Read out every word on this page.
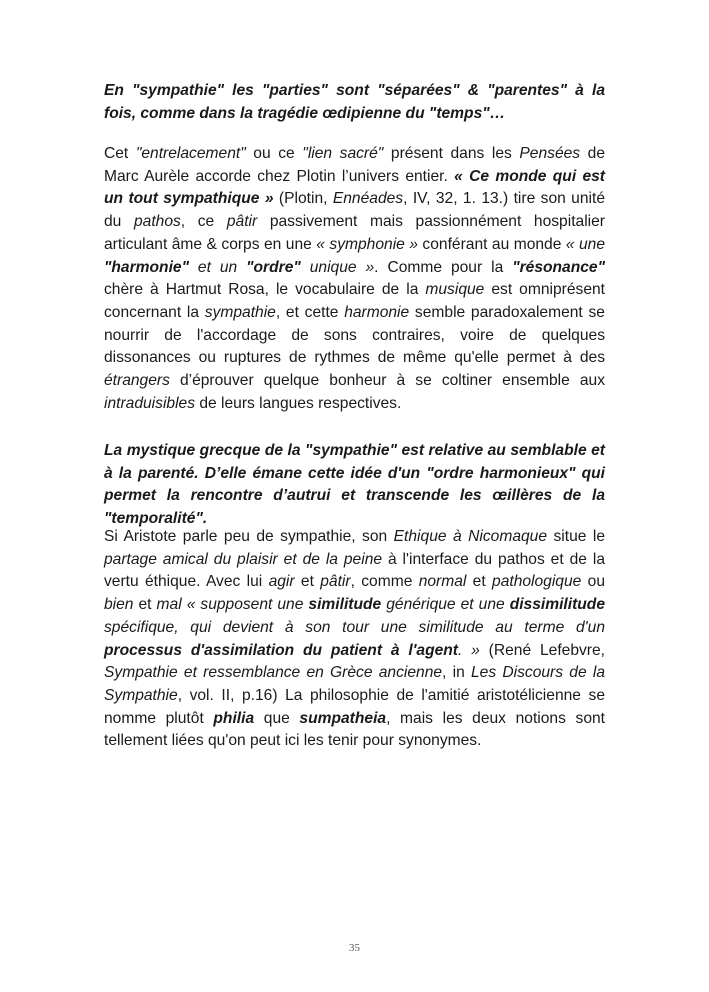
En "sympathie" les "parties" sont "séparées" & "parentes" à la fois, comme dans la tragédie œdipienne du "temps"…

Cet "entrelacement" ou ce "lien sacré" présent dans les Pensées de Marc Aurèle accorde chez Plotin l’univers entier. « Ce monde qui est un tout sympathique » (Plotin, Ennéades, IV, 32, 1. 13.) tire son unité du pathos, ce pâtir passivement mais passionnément hospitalier articulant âme & corps en une « symphonie » conférant au monde « une "harmonie" et un "ordre" unique ». Comme pour la "résonance" chère à Hartmut Rosa, le vocabulaire de la musique est omniprésent concernant la sympathie, et cette harmonie semble paradoxalement se nourrir de l'accordage de sons contraires, voire de quelques dissonances ou ruptures de rythmes de même qu'elle permet à des étrangers d’éprouver quelque bonheur à se coltiner ensemble aux intraduisibles de leurs langues respectives.

La mystique grecque de la "sympathie" est relative au semblable et à la parenté. D’elle émane cette idée d'un "ordre harmonieux" qui permet la rencontre d’autrui et transcende les œillères de la "temporalité".

Si Aristote parle peu de sympathie, son Ethique à Nicomaque situe le partage amical du plaisir et de la peine à l'interface du pathos et de la vertu éthique. Avec lui agir et pâtir, comme normal et pathologique ou bien et mal « supposent une similitude générique et une dissimilitude spécifique, qui devient à son tour une similitude au terme d'un processus d'assimilation du patient à l'agent. » (René Lefebvre, Sympathie et ressemblance en Grèce ancienne, in Les Discours de la Sympathie, vol. II, p.16) La philosophie de l'amitié aristotélicienne se nomme plutôt philia que sumpatheia, mais les deux notions sont tellement liées qu'on peut ici les tenir pour synonymes.

35
